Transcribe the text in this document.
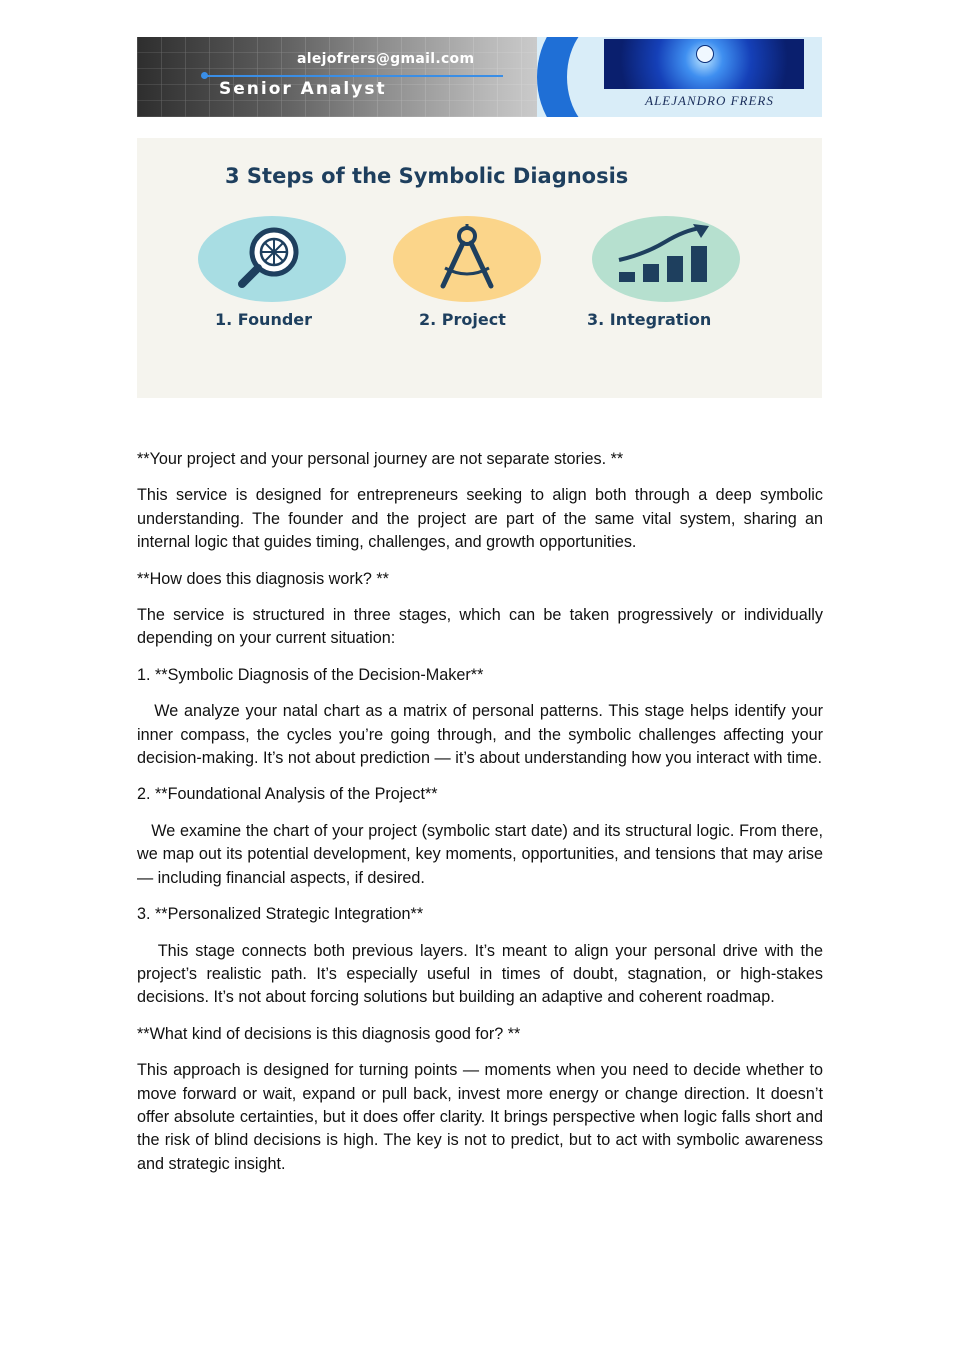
alejofrers@gmail.com
Senior Analyst
ALEJANDRO FRERS
3 Steps of the Symbolic Diagnosis
1. Founder	2. Project	3. Integration

**Your project and your personal journey are not separate stories. **

This service is designed for entrepreneurs seeking to align both through a deep symbolic understanding. The founder and the project are part of the same vital system, sharing an internal logic that guides timing, challenges, and growth opportunities.

**How does this diagnosis work? **

The service is structured in three stages, which can be taken progressively or individually depending on your current situation:

1. **Symbolic Diagnosis of the Decision-Maker**

We analyze your natal chart as a matrix of personal patterns. This stage helps identify your inner compass, the cycles you’re going through, and the symbolic challenges affecting your decision-making. It’s not about prediction — it’s about understanding how you interact with time.

2. **Foundational Analysis of the Project**

We examine the chart of your project (symbolic start date) and its structural logic. From there, we map out its potential development, key moments, opportunities, and tensions that may arise — including financial aspects, if desired.

3. **Personalized Strategic Integration**

This stage connects both previous layers. It’s meant to align your personal drive with the project’s realistic path. It’s especially useful in times of doubt, stagnation, or high-stakes decisions. It’s not about forcing solutions but building an adaptive and coherent roadmap.

**What kind of decisions is this diagnosis good for? **

This approach is designed for turning points — moments when you need to decide whether to move forward or wait, expand or pull back, invest more energy or change direction. It doesn’t offer absolute certainties, but it does offer clarity. It brings perspective when logic falls short and the risk of blind decisions is high. The key is not to predict, but to act with symbolic awareness and strategic insight.
